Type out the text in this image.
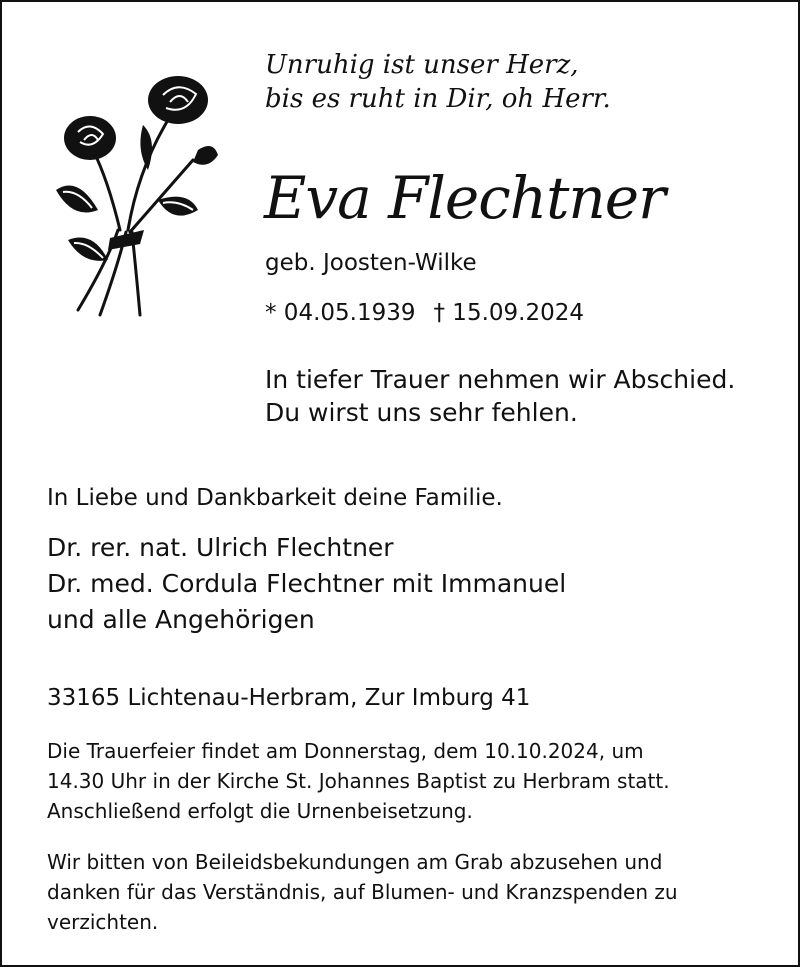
Unruhig ist unser Herz,
bis es ruht in Dir, oh Herr.
Eva Flechtner
geb. Joosten-Wilke
* 04.05.1939 † 15.09.2024
In tiefer Trauer nehmen wir Abschied.
Du wirst uns sehr fehlen.
In Liebe und Dankbarkeit deine Familie.
Dr. rer. nat. Ulrich Flechtner
Dr. med. Cordula Flechtner mit Immanuel
und alle Angehörigen
33165 Lichtenau-Herbram, Zur Imburg 41
Die Trauerfeier findet am Donnerstag, dem 10.10.2024, um
14.30 Uhr in der Kirche St. Johannes Baptist zu Herbram statt.
Anschließend erfolgt die Urnenbeisetzung.
Wir bitten von Beileidsbekundungen am Grab abzusehen und
danken für das Verständnis, auf Blumen- und Kranzspenden zu
verzichten.
